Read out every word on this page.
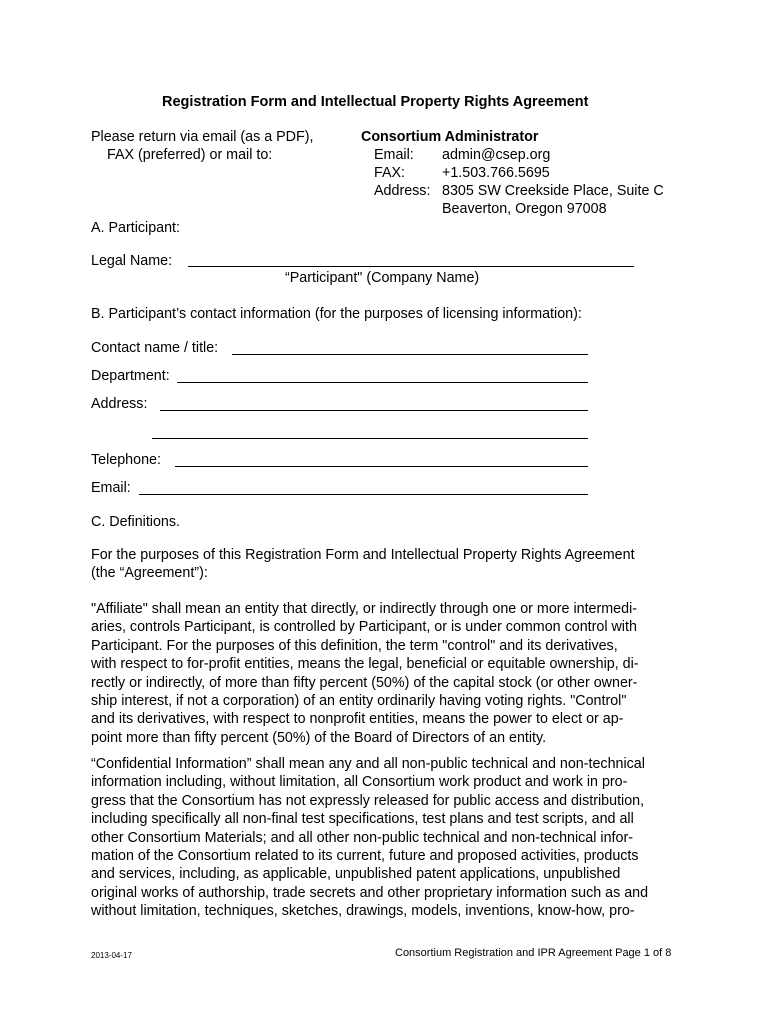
Registration Form and Intellectual Property Rights Agreement
Please return via email (as a PDF),
FAX (preferred) or mail to:
Consortium Administrator
Email: admin@csep.org
FAX:	+1.503.766.5695
Address: 8305 SW Creekside Place, Suite C
Beaverton, Oregon 97008
A. Participant:
Legal Name:
“Participant" (Company Name)
B. Participant’s contact information (for the purposes of licensing information):
Contact name / title:
Department:
Address:
Telephone:
Email:
C. Definitions.
For the purposes of this Registration Form and Intellectual Property Rights Agreement
(the “Agreement”):
"Affiliate" shall mean an entity that directly, or indirectly through one or more intermedi-
aries, controls Participant, is controlled by Participant, or is under common control with
Participant. For the purposes of this definition, the term "control" and its derivatives,
with respect to for-profit entities, means the legal, beneficial or equitable ownership, di-
rectly or indirectly, of more than fifty percent (50%) of the capital stock (or other owner-
ship interest, if not a corporation) of an entity ordinarily having voting rights. "Control"
and its derivatives, with respect to nonprofit entities, means the power to elect or ap-
point more than fifty percent (50%) of the Board of Directors of an entity.
“Confidential Information” shall mean any and all non-public technical and non-technical
information including, without limitation, all Consortium work product and work in pro-
gress that the Consortium has not expressly released for public access and distribution,
including specifically all non-final test specifications, test plans and test scripts, and all
other Consortium Materials; and all other non-public technical and non-technical infor-
mation of the Consortium related to its current, future and proposed activities, products
and services, including, as applicable, unpublished patent applications, unpublished
original works of authorship, trade secrets and other proprietary information such as and
without limitation, techniques, sketches, drawings, models, inventions, know-how, pro-
2013-04-17	Consortium Registration and IPR Agreement Page 1 of 8
